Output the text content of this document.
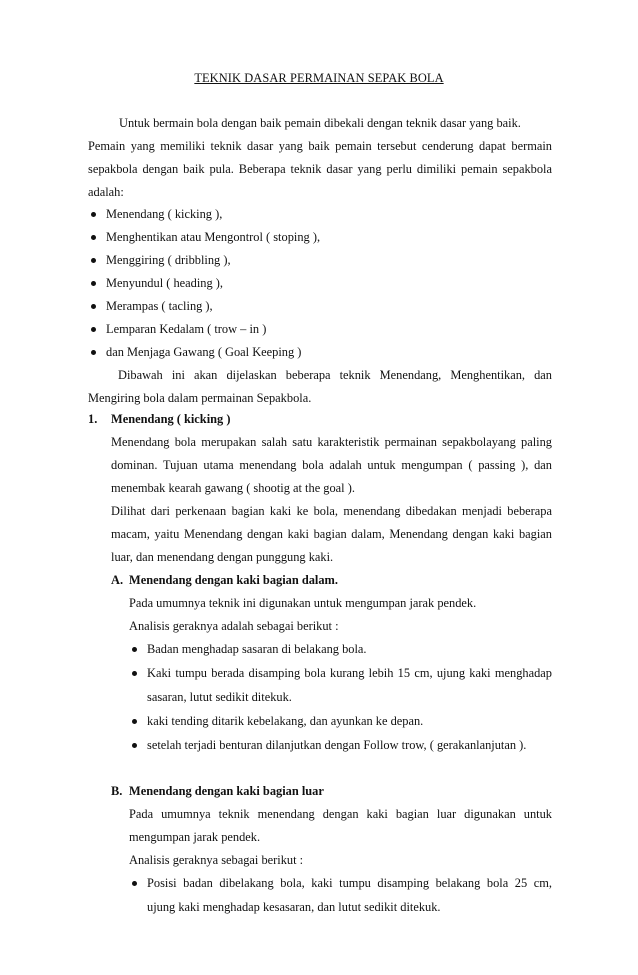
TEKNIK DASAR PERMAINAN SEPAK BOLA
Untuk bermain bola dengan baik pemain dibekali dengan teknik dasar yang baik.
Pemain yang memiliki teknik dasar yang baik pemain tersebut cenderung dapat bermain
sepakbola dengan baik pula. Beberapa teknik dasar yang perlu dimiliki pemain sepakbola
adalah:
Menendang ( kicking ),
Menghentikan atau Mengontrol ( stoping ),
Menggiring ( dribbling ),
Menyundul ( heading ),
Merampas ( tacling ),
Lemparan Kedalam ( trow – in )
dan Menjaga Gawang ( Goal Keeping )
Dibawah ini akan dijelaskan beberapa teknik Menendang, Menghentikan, dan
Mengiring bola dalam permainan Sepakbola.
1. Menendang ( kicking )
Menendang bola merupakan salah satu karakteristik permainan sepakbolayang paling
dominan. Tujuan utama menendang bola adalah untuk mengumpan ( passing ), dan
menembak kearah gawang ( shootig at the goal ).
Dilihat dari perkenaan bagian kaki ke bola, menendang dibedakan menjadi beberapa
macam, yaitu Menendang dengan kaki bagian dalam, Menendang dengan kaki bagian
luar, dan menendang dengan punggung kaki.
A. Menendang dengan kaki bagian dalam.
Pada umumnya teknik ini digunakan untuk mengumpan jarak pendek.
Analisis geraknya adalah sebagai berikut :
Badan menghadap sasaran di belakang bola.
Kaki tumpu berada disamping bola kurang lebih 15 cm, ujung kaki menghadap
sasaran, lutut sedikit ditekuk.
kaki tending ditarik kebelakang, dan ayunkan ke depan.
setelah terjadi benturan dilanjutkan dengan Follow trow, ( gerakanlanjutan ).
B. Menendang dengan kaki bagian luar
Pada umumnya teknik menendang dengan kaki bagian luar digunakan untuk
mengumpan jarak pendek.
Analisis geraknya sebagai berikut :
Posisi badan dibelakang bola, kaki tumpu disamping belakang bola 25 cm,
ujung kaki menghadap kesasaran, dan lutut sedikit ditekuk.
